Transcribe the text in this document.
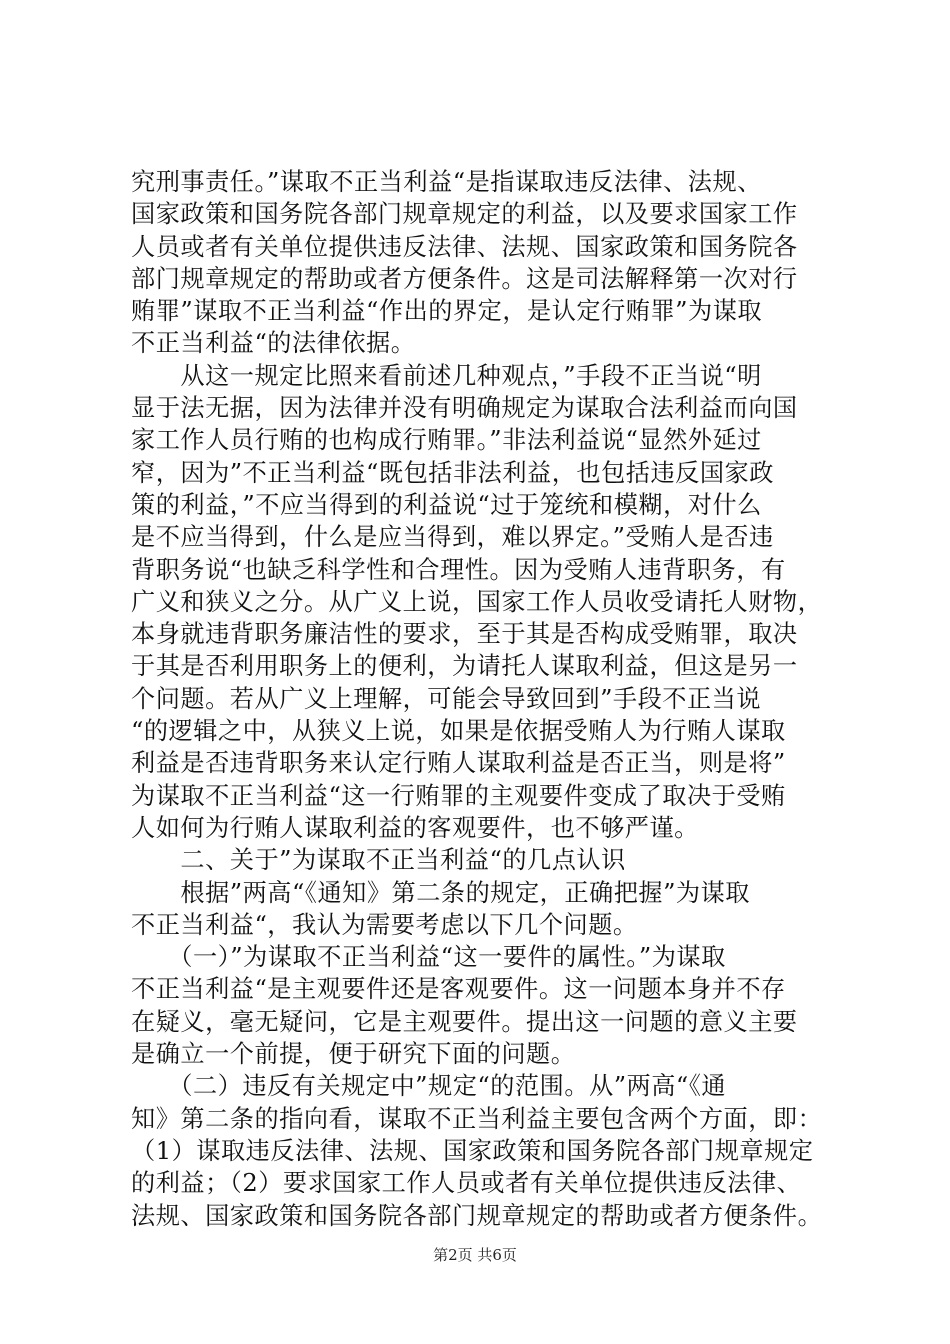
究刑事责任。”谋取不正当利益“是指谋取违反法律、法规、

国家政策和国务院各部门规章规定的利益，以及要求国家工作

人员或者有关单位提供违反法律、法规、国家政策和国务院各

部门规章规定的帮助或者方便条件。这是司法解释第一次对行

贿罪”谋取不正当利益“作出的界定，是认定行贿罪”为谋取

不正当利益“的法律依据。

　　从这一规定比照来看前述几种观点，”手段不正当说“明

显于法无据，因为法律并没有明确规定为谋取合法利益而向国

家工作人员行贿的也构成行贿罪。”非法利益说“显然外延过

窄，因为”不正当利益“既包括非法利益，也包括违反国家政

策的利益，”不应当得到的利益说“过于笼统和模糊，对什么

是不应当得到，什么是应当得到，难以界定。”受贿人是否违

背职务说“也缺乏科学性和合理性。因为受贿人违背职务，有

广义和狭义之分。从广义上说，国家工作人员收受请托人财物，

本身就违背职务廉洁性的要求，至于其是否构成受贿罪，取决

于其是否利用职务上的便利，为请托人谋取利益，但这是另一

个问题。若从广义上理解，可能会导致回到”手段不正当说

“的逻辑之中，从狭义上说，如果是依据受贿人为行贿人谋取

利益是否违背职务来认定行贿人谋取利益是否正当，则是将”

为谋取不正当利益“这一行贿罪的主观要件变成了取决于受贿

人如何为行贿人谋取利益的客观要件，也不够严谨。

　　二、关于”为谋取不正当利益“的几点认识

　　根据”两高“《通知》第二条的规定，正确把握”为谋取

不正当利益“，我认为需要考虑以下几个问题。

　　（一）”为谋取不正当利益“这一要件的属性。”为谋取

不正当利益“是主观要件还是客观要件。这一问题本身并不存

在疑义，毫无疑问，它是主观要件。提出这一问题的意义主要

是确立一个前提，便于研究下面的问题。

　　（二）违反有关规定中”规定“的范围。从”两高“《通

知》第二条的指向看，谋取不正当利益主要包含两个方面，即：

（1）谋取违反法律、法规、国家政策和国务院各部门规章规定

的利益；（2）要求国家工作人员或者有关单位提供违反法律、

法规、国家政策和国务院各部门规章规定的帮助或者方便条件。

第2页 共6页
